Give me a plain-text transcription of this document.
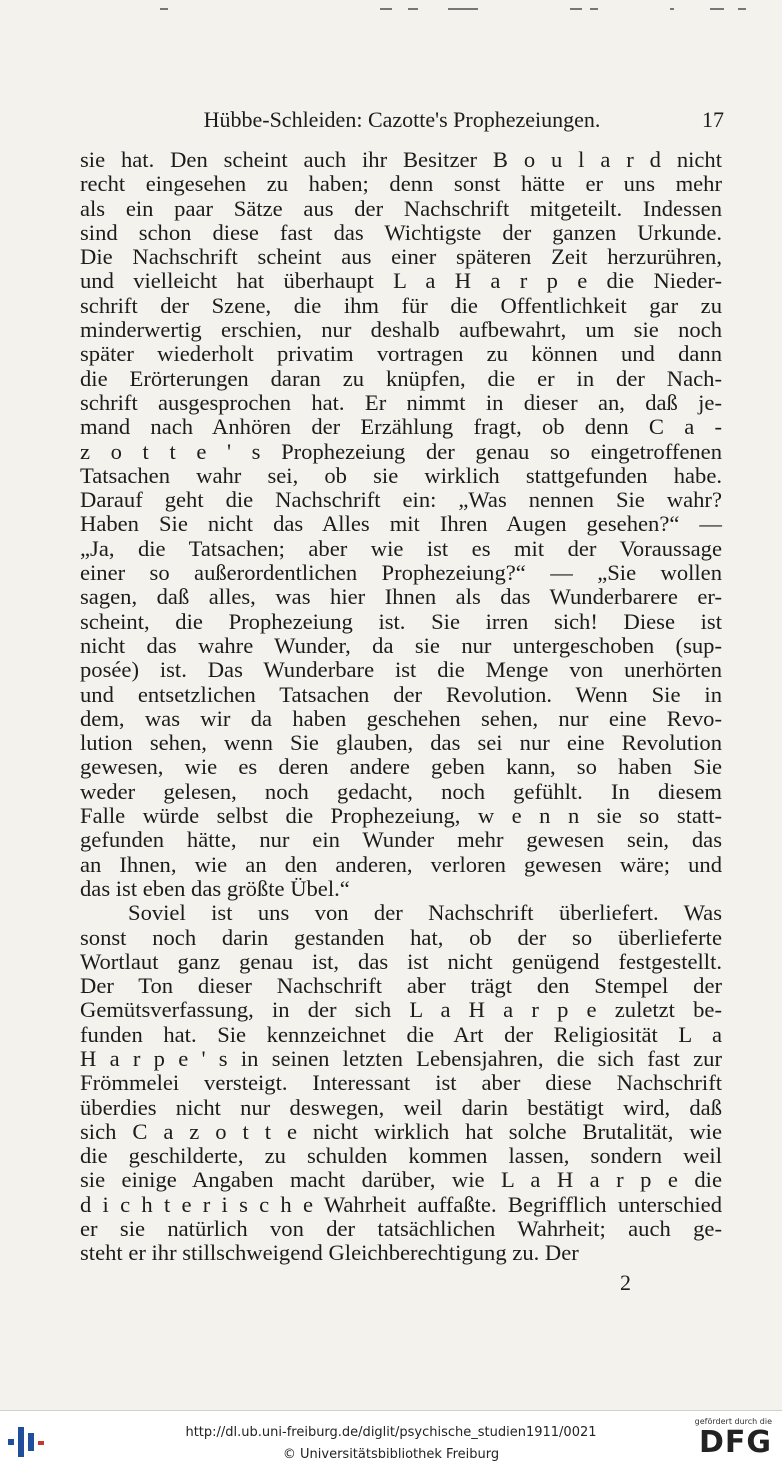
Hübbe-Schleiden: Cazotte's Prophezeiungen.	17
sie hat. Den scheint auch ihr Besitzer B o u l a r d nicht
recht eingesehen zu haben; denn sonst hätte er uns mehr
als ein paar Sätze aus der Nachschrift mitgeteilt. Indessen
sind schon diese fast das Wichtigste der ganzen Urkunde.
Die Nachschrift scheint aus einer späteren Zeit herzurühren,
und vielleicht hat überhaupt L a H a r p e die Nieder-
schrift der Szene, die ihm für die Offentlichkeit gar zu
minderwertig erschien, nur deshalb aufbewahrt, um sie noch
später wiederholt privatim vortragen zu können und dann
die Erörterungen daran zu knüpfen, die er in der Nach-
schrift ausgesprochen hat. Er nimmt in dieser an, daß je-
mand nach Anhören der Erzählung fragt, ob denn C a -
z o t t e ' s Prophezeiung der genau so eingetroffenen
Tatsachen wahr sei, ob sie wirklich stattgefunden habe.
Darauf geht die Nachschrift ein: „Was nennen Sie wahr?
Haben Sie nicht das Alles mit Ihren Augen gesehen?“ —
„Ja, die Tatsachen; aber wie ist es mit der Voraussage
einer so außerordentlichen Prophezeiung?“ — „Sie wollen
sagen, daß alles, was hier Ihnen als das Wunderbarere er-
scheint, die Prophezeiung ist. Sie irren sich! Diese ist
nicht das wahre Wunder, da sie nur untergeschoben (sup-
posée) ist. Das Wunderbare ist die Menge von unerhörten
und entsetzlichen Tatsachen der Revolution. Wenn Sie in
dem, was wir da haben geschehen sehen, nur eine Revo-
lution sehen, wenn Sie glauben, das sei nur eine Revolution
gewesen, wie es deren andere geben kann, so haben Sie
weder gelesen, noch gedacht, noch gefühlt. In diesem
Falle würde selbst die Prophezeiung, w e n n sie so statt-
gefunden hätte, nur ein Wunder mehr gewesen sein, das
an Ihnen, wie an den anderen, verloren gewesen wäre; und
das ist eben das größte Übel.“
Soviel ist uns von der Nachschrift überliefert. Was
sonst noch darin gestanden hat, ob der so überlieferte
Wortlaut ganz genau ist, das ist nicht genügend festgestellt.
Der Ton dieser Nachschrift aber trägt den Stempel der
Gemütsverfassung, in der sich L a H a r p e zuletzt be-
funden hat. Sie kennzeichnet die Art der Religiosität L a
H a r p e ' s in seinen letzten Lebensjahren, die sich fast zur
Frömmelei versteigt. Interessant ist aber diese Nachschrift
überdies nicht nur deswegen, weil darin bestätigt wird, daß
sich C a z o t t e nicht wirklich hat solche Brutalität, wie
die geschilderte, zu schulden kommen lassen, sondern weil
sie einige Angaben macht darüber, wie L a H a r p e die
d i c h t e r i s c h e Wahrheit auffaßte. Begrifflich unterschied
er sie natürlich von der tatsächlichen Wahrheit; auch ge-
steht er ihr stillschweigend Gleichberechtigung zu. Der
2
http://dl.ub.uni-freiburg.de/diglit/psychische_studien1911/0021
© Universitätsbibliothek Freiburg
gefördert durch die
DFG
